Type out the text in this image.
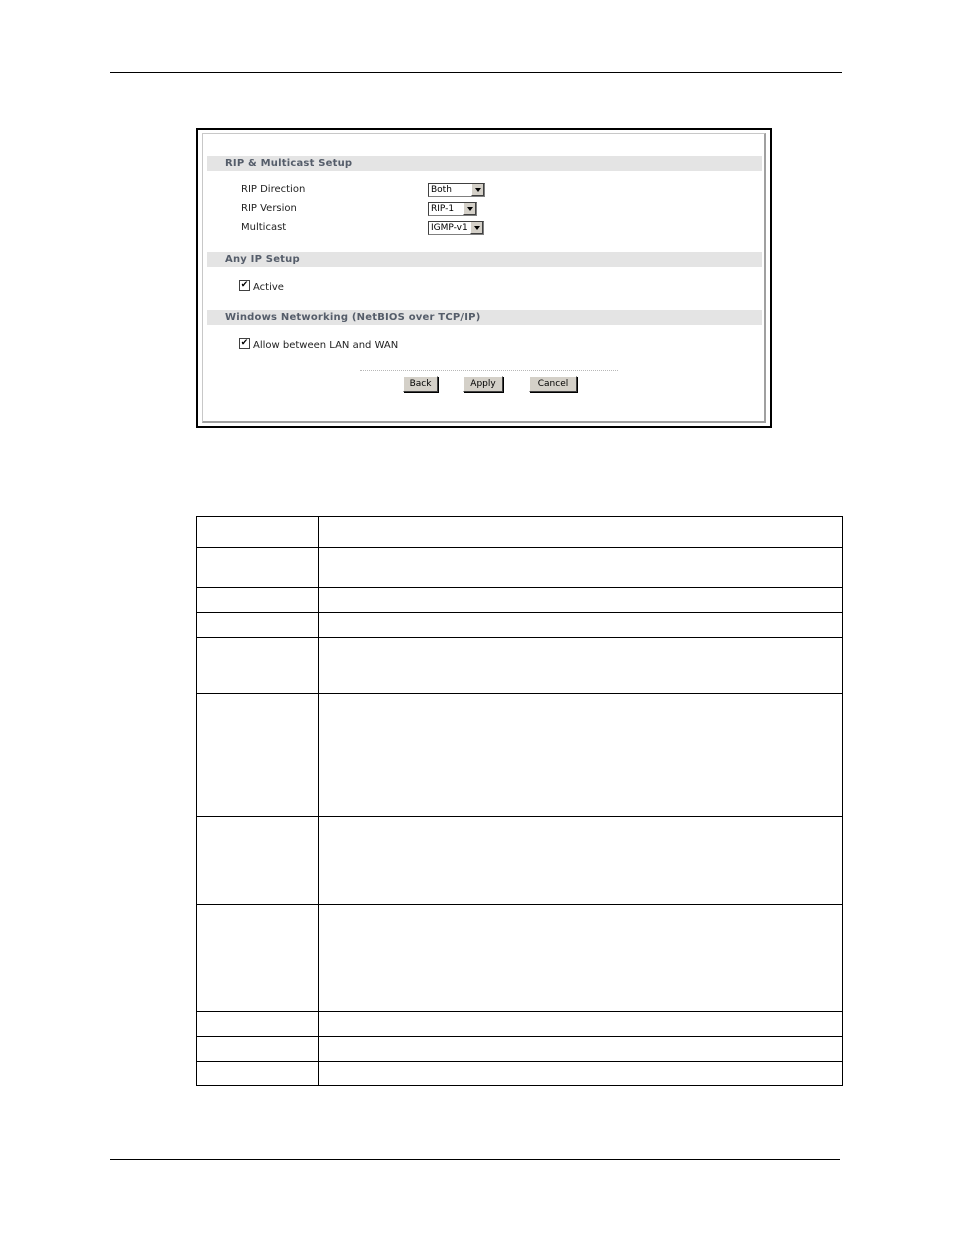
RIP & Multicast Setup
RIP Direction	Both
RIP Version	RIP-1
Multicast	IGMP-v1
Any IP Setup
✔ Active
Windows Networking (NetBIOS over TCP/IP)
✔ Allow between LAN and WAN
Back	Apply	Cancel
